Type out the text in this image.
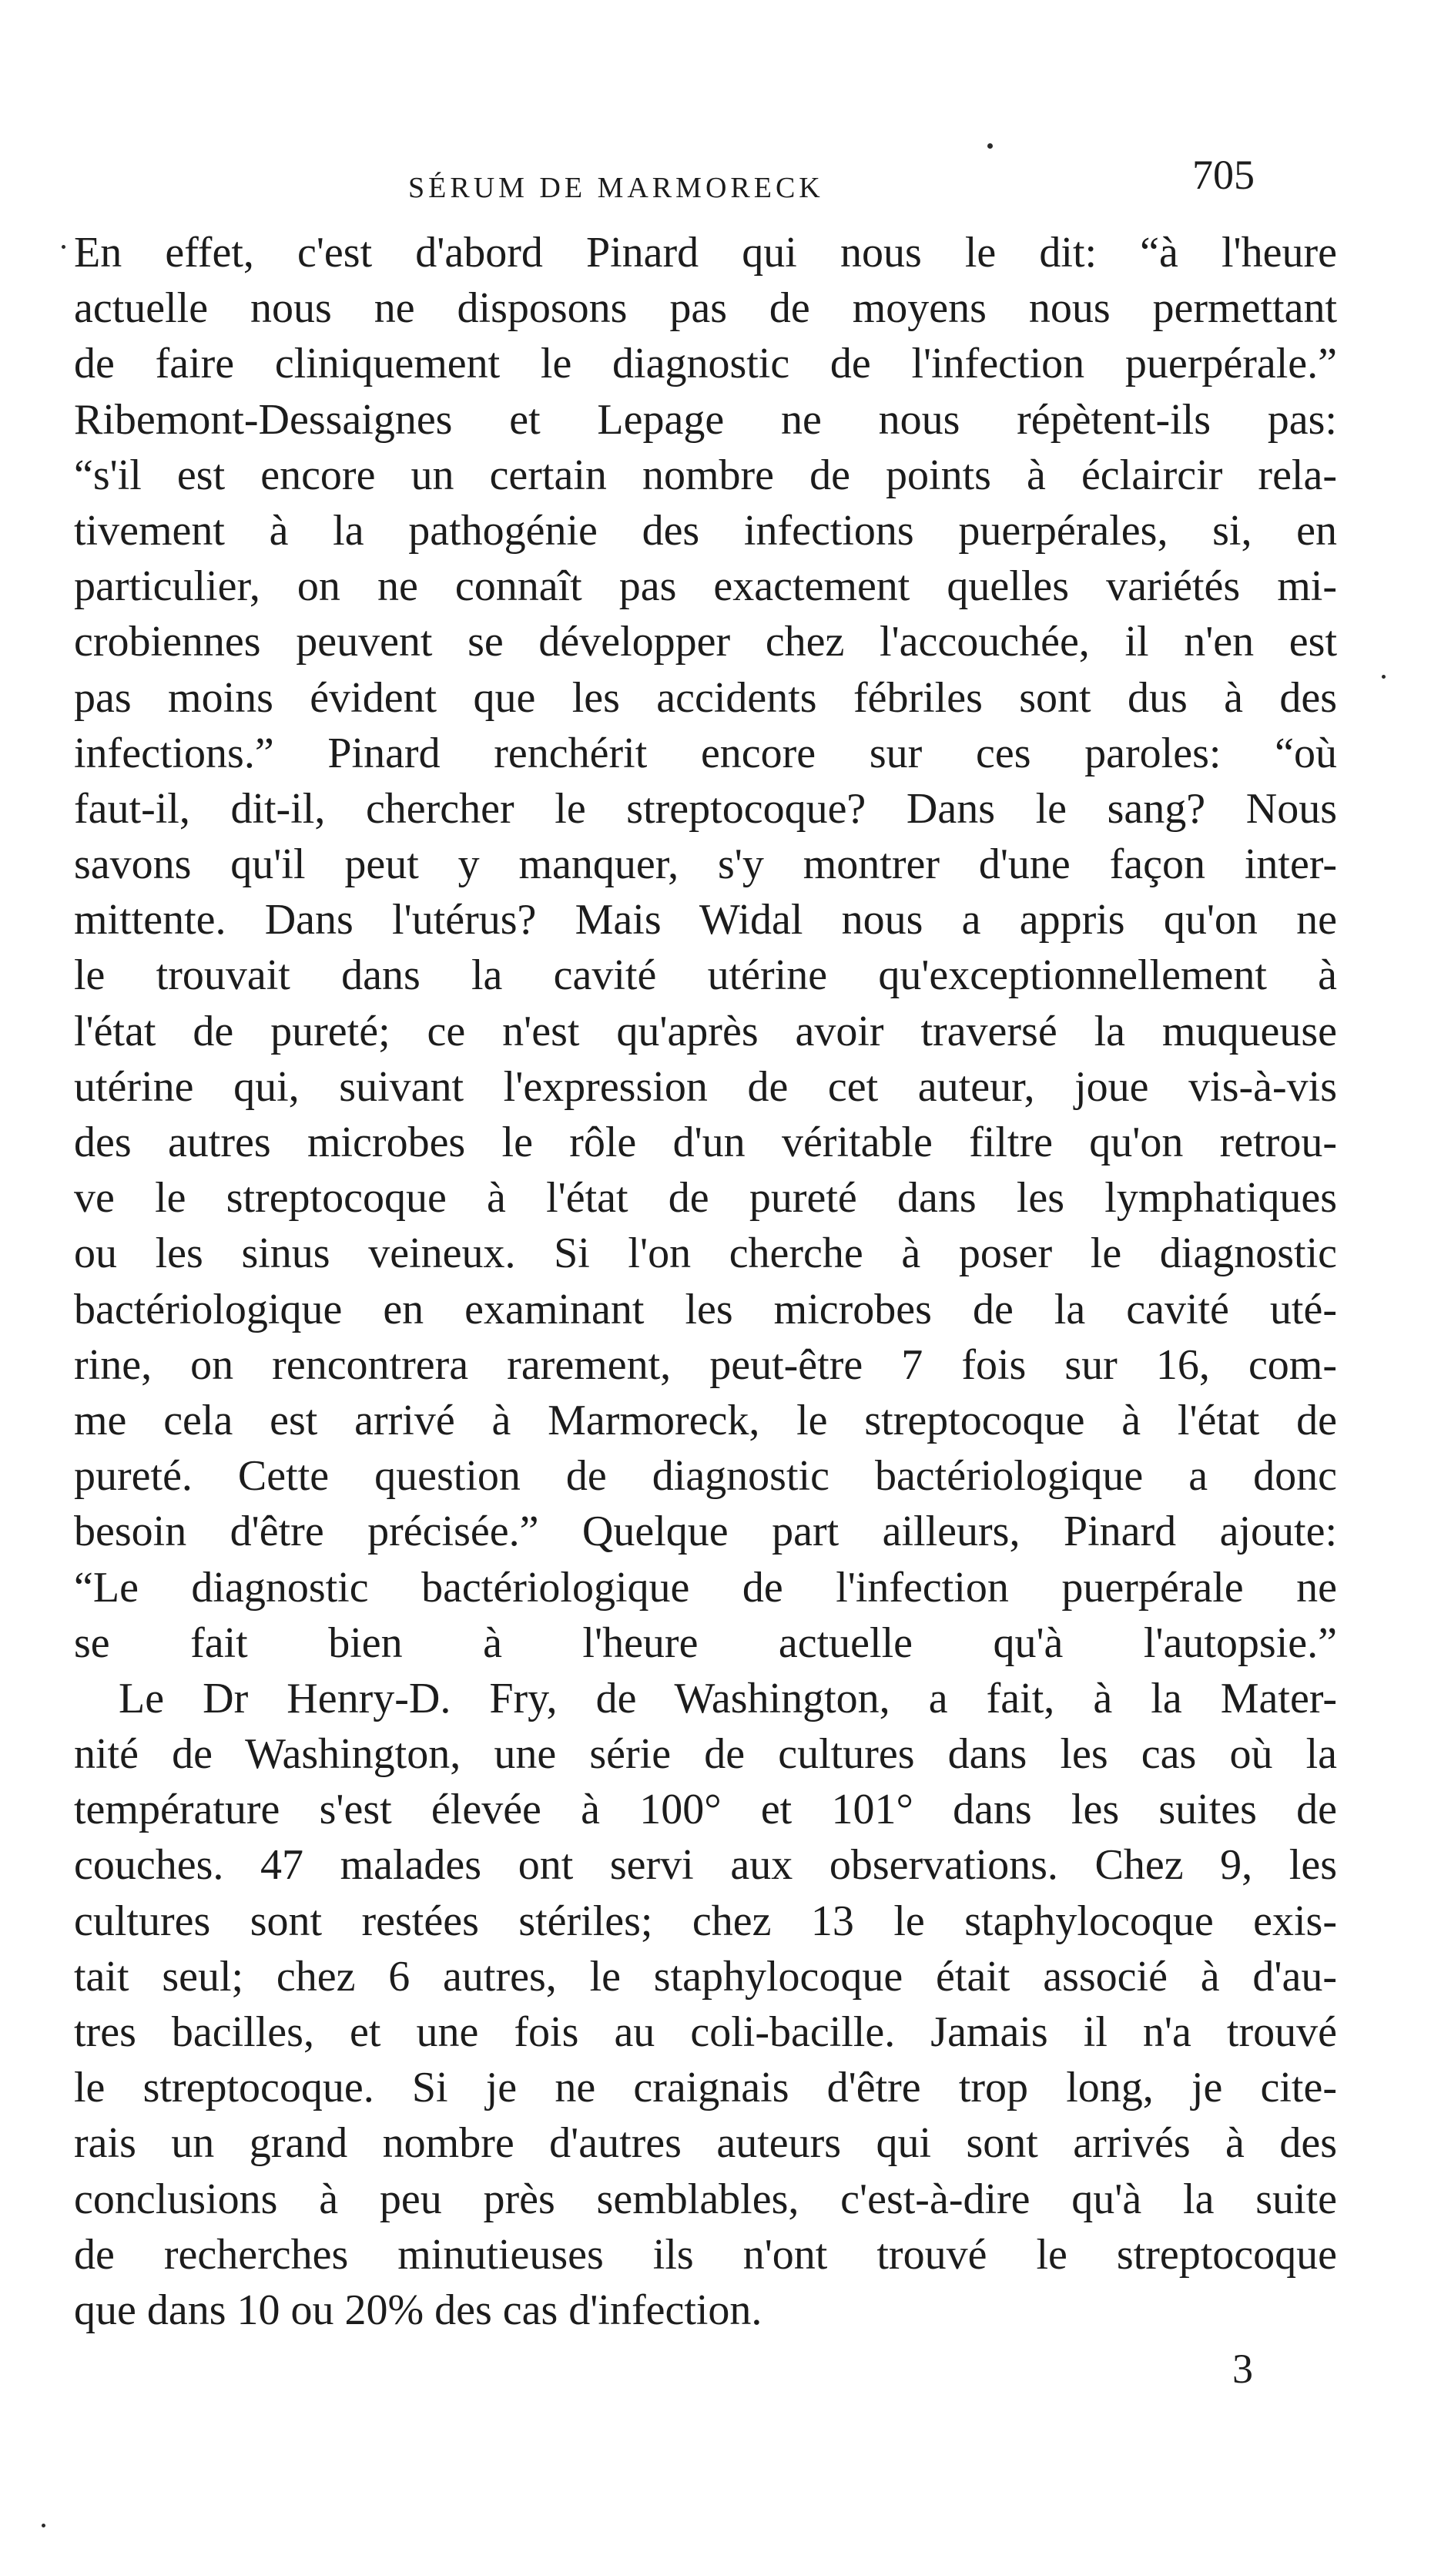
SÉRUM DE MARMORECK	705
En effet, c'est d'abord Pinard qui nous le dit: “à l'heure
actuelle nous ne disposons pas de moyens nous permettant
de faire cliniquement le diagnostic de l'infection puerpérale.”
Ribemont-Dessaignes et Lepage ne nous répètent-ils pas:
“s'il est encore un certain nombre de points à éclaircir rela-
tivement à la pathogénie des infections puerpérales, si, en
particulier, on ne connaît pas exactement quelles variétés mi-
crobiennes peuvent se développer chez l'accouchée, il n'en est
pas moins évident que les accidents fébriles sont dus à des
infections.” Pinard renchérit encore sur ces paroles: “où
faut-il, dit-il, chercher le streptocoque? Dans le sang? Nous
savons qu'il peut y manquer, s'y montrer d'une façon inter-
mittente. Dans l'utérus? Mais Widal nous a appris qu'on ne
le trouvait dans la cavité utérine qu'exceptionnellement à
l'état de pureté; ce n'est qu'après avoir traversé la muqueuse
utérine qui, suivant l'expression de cet auteur, joue vis-à-vis
des autres microbes le rôle d'un véritable filtre qu'on retrou-
ve le streptocoque à l'état de pureté dans les lymphatiques
ou les sinus veineux. Si l'on cherche à poser le diagnostic
bactériologique en examinant les microbes de la cavité uté-
rine, on rencontrera rarement, peut-être 7 fois sur 16, com-
me cela est arrivé à Marmoreck, le streptocoque à l'état de
pureté. Cette question de diagnostic bactériologique a donc
besoin d'être précisée.” Quelque part ailleurs, Pinard ajoute:
“Le diagnostic bactériologique de l'infection puerpérale ne
se fait bien à l'heure actuelle qu'à l'autopsie.”
Le Dr Henry-D. Fry, de Washington, a fait, à la Mater-
nité de Washington, une série de cultures dans les cas où la
température s'est élevée à 100° et 101° dans les suites de
couches. 47 malades ont servi aux observations. Chez 9, les
cultures sont restées stériles; chez 13 le staphylocoque exis-
tait seul; chez 6 autres, le staphylocoque était associé à d'au-
tres bacilles, et une fois au coli-bacille. Jamais il n'a trouvé
le streptocoque. Si je ne craignais d'être trop long, je cite-
rais un grand nombre d'autres auteurs qui sont arrivés à des
conclusions à peu près semblables, c'est-à-dire qu'à la suite
de recherches minutieuses ils n'ont trouvé le streptocoque
que dans 10 ou 20% des cas d'infection.
3
